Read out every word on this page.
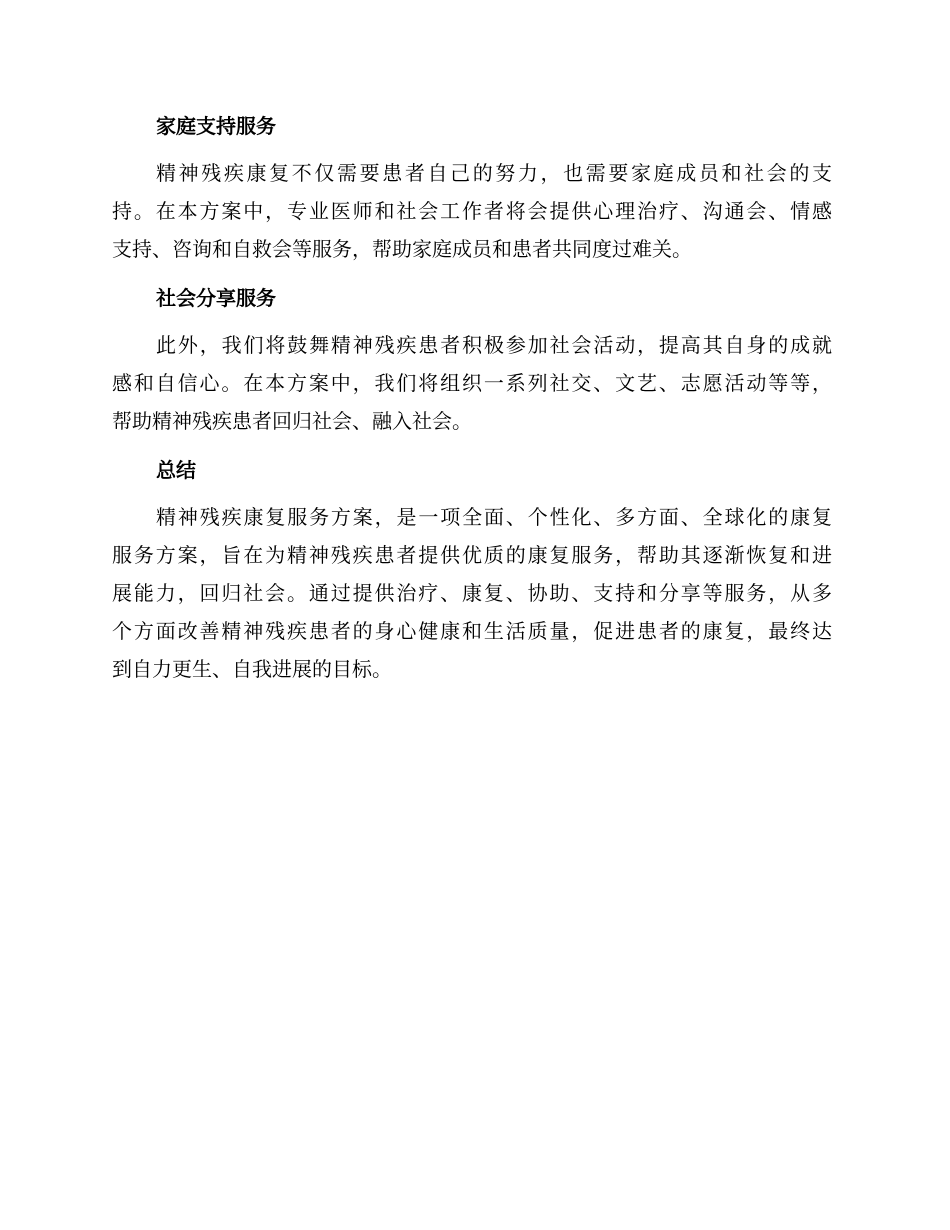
家庭支持服务
精神残疾康复不仅需要患者自己的努力，也需要家庭成员和社会的支
持。在本方案中，专业医师和社会工作者将会提供心理治疗、沟通会、情感
支持、咨询和自救会等服务，帮助家庭成员和患者共同度过难关。
社会分享服务
此外，我们将鼓舞精神残疾患者积极参加社会活动，提高其自身的成就
感和自信心。在本方案中，我们将组织一系列社交、文艺、志愿活动等等，
帮助精神残疾患者回归社会、融入社会。
总结
精神残疾康复服务方案，是一项全面、个性化、多方面、全球化的康复
服务方案，旨在为精神残疾患者提供优质的康复服务，帮助其逐渐恢复和进
展能力，回归社会。通过提供治疗、康复、协助、支持和分享等服务，从多
个方面改善精神残疾患者的身心健康和生活质量，促进患者的康复，最终达
到自力更生、自我进展的目标。
